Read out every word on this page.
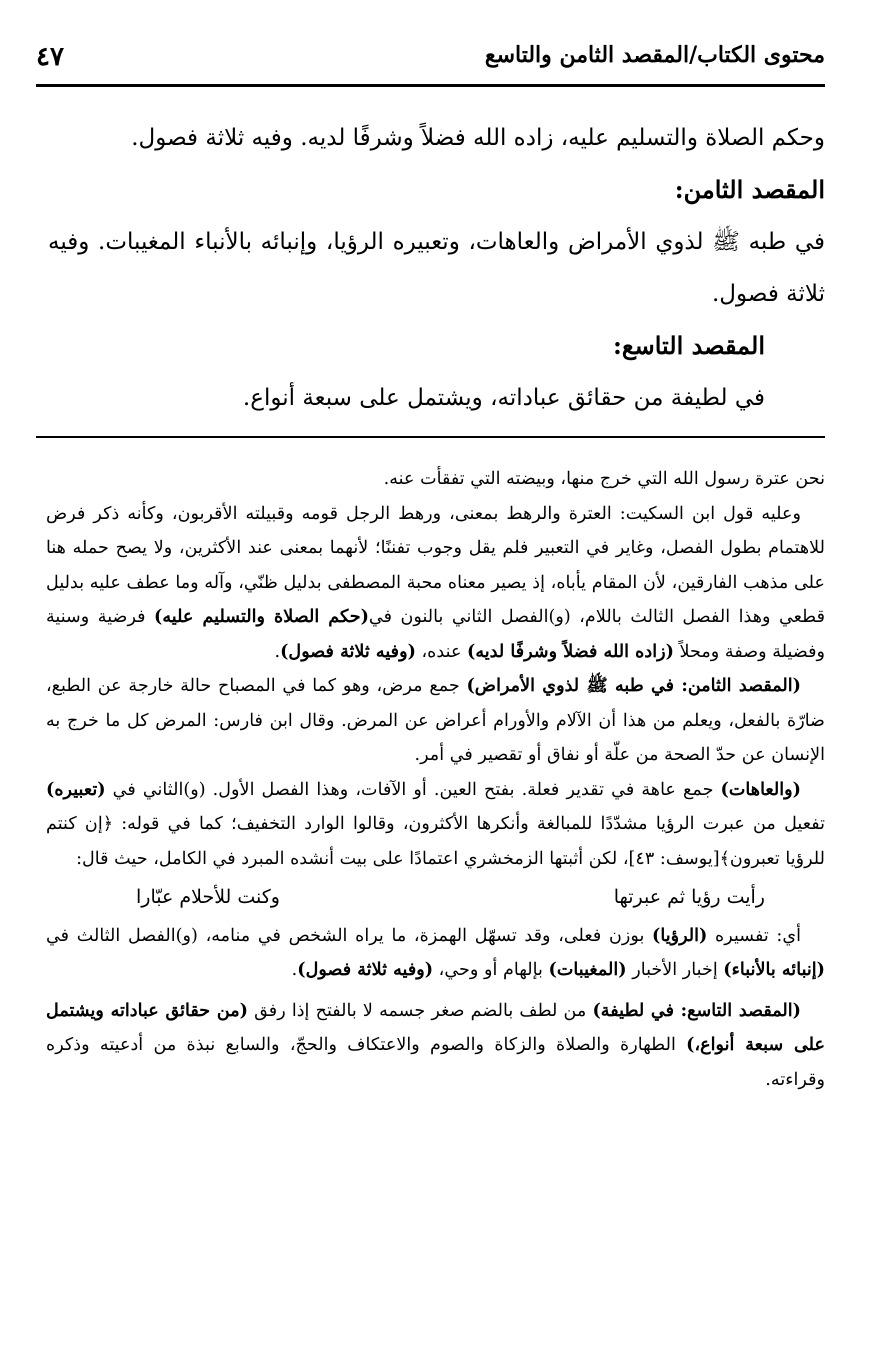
محتوى الكتاب/المقصد الثامن والتاسع
٤٧

وحكم الصلاة والتسليم عليه، زاده الله فضلاً وشرفًا لديه. وفيه ثلاثة فصول.

المقصد الثامن:

في طبه ﷺ لذوي الأمراض والعاهات، وتعبيره الرؤيا، وإنبائه بالأنباء المغيبات. وفيه ثلاثة فصول.

المقصد التاسع:

في لطيفة من حقائق عباداته، ويشتمل على سبعة أنواع.

نحن عترة رسول الله التي خرج منها، وبيضته التي تفقأت عنه.

وعليه قول ابن السكيت: العترة والرهط بمعنى، ورهط الرجل قومه وقبيلته الأقربون، وكأنه ذكر فرض للاهتمام بطول الفصل، وغاير في التعبير فلم يقل وجوب تفننًا؛ لأنهما بمعنى عند الأكثرين، ولا يصح حمله هنا على مذهب الفارقين، لأن المقام يأباه، إذ يصير معناه محبة المصطفى بدليل ظنّي، وآله وما عطف عليه بدليل قطعي وهذا الفصل الثالث باللام، (و)الفصل الثاني بالنون في(حكم الصلاة والتسليم عليه) فرضية وسنية وفضيلة وصفة ومحلاً (زاده الله فضلاً وشرفًا لديه) عنده، (وفيه ثلاثة فصول).

(المقصد الثامن: في طبه ﷺ لذوي الأمراض) جمع مرض، وهو كما في المصباح حالة خارجة عن الطبع، ضارّة بالفعل، ويعلم من هذا أن الآلام والأورام أعراض عن المرض. وقال ابن فارس: المرض كل ما خرج به الإنسان عن حدّ الصحة من علّة أو نفاق أو تقصير في أمر.

(والعاهات) جمع عاهة في تقدير فعلة. بفتح العين. أو الآفات، وهذا الفصل الأول. (و)الثاني في (تعبيره) تفعيل من عبرت الرؤيا مشدّدًا للمبالغة وأنكرها الأكثرون، وقالوا الوارد التخفيف؛ كما في قوله: ﴿إن كنتم للرؤيا تعبرون﴾[يوسف: ٤٣]، لكن أثبتها الزمخشري اعتمادًا على بيت أنشده المبرد في الكامل، حيث قال:

رأيت رؤيا ثم عبرتها
وكنت للأحلام عبّارا

أي: تفسيره (الرؤيا) بوزن فعلى، وقد تسهّل الهمزة، ما يراه الشخص في منامه، (و)الفصل الثالث في (إنبائه بالأنباء) إخبار الأخبار (المغيبات) بإلهام أو وحي، (وفيه ثلاثة فصول).

(المقصد التاسع: في لطيفة) من لطف بالضم صغر جسمه لا بالفتح إذا رفق (من حقائق عباداته ويشتمل على سبعة أنواع،) الطهارة والصلاة والزكاة والصوم والاعتكاف والحجّ، والسابع نبذة من أدعيته وذكره وقراءته.
